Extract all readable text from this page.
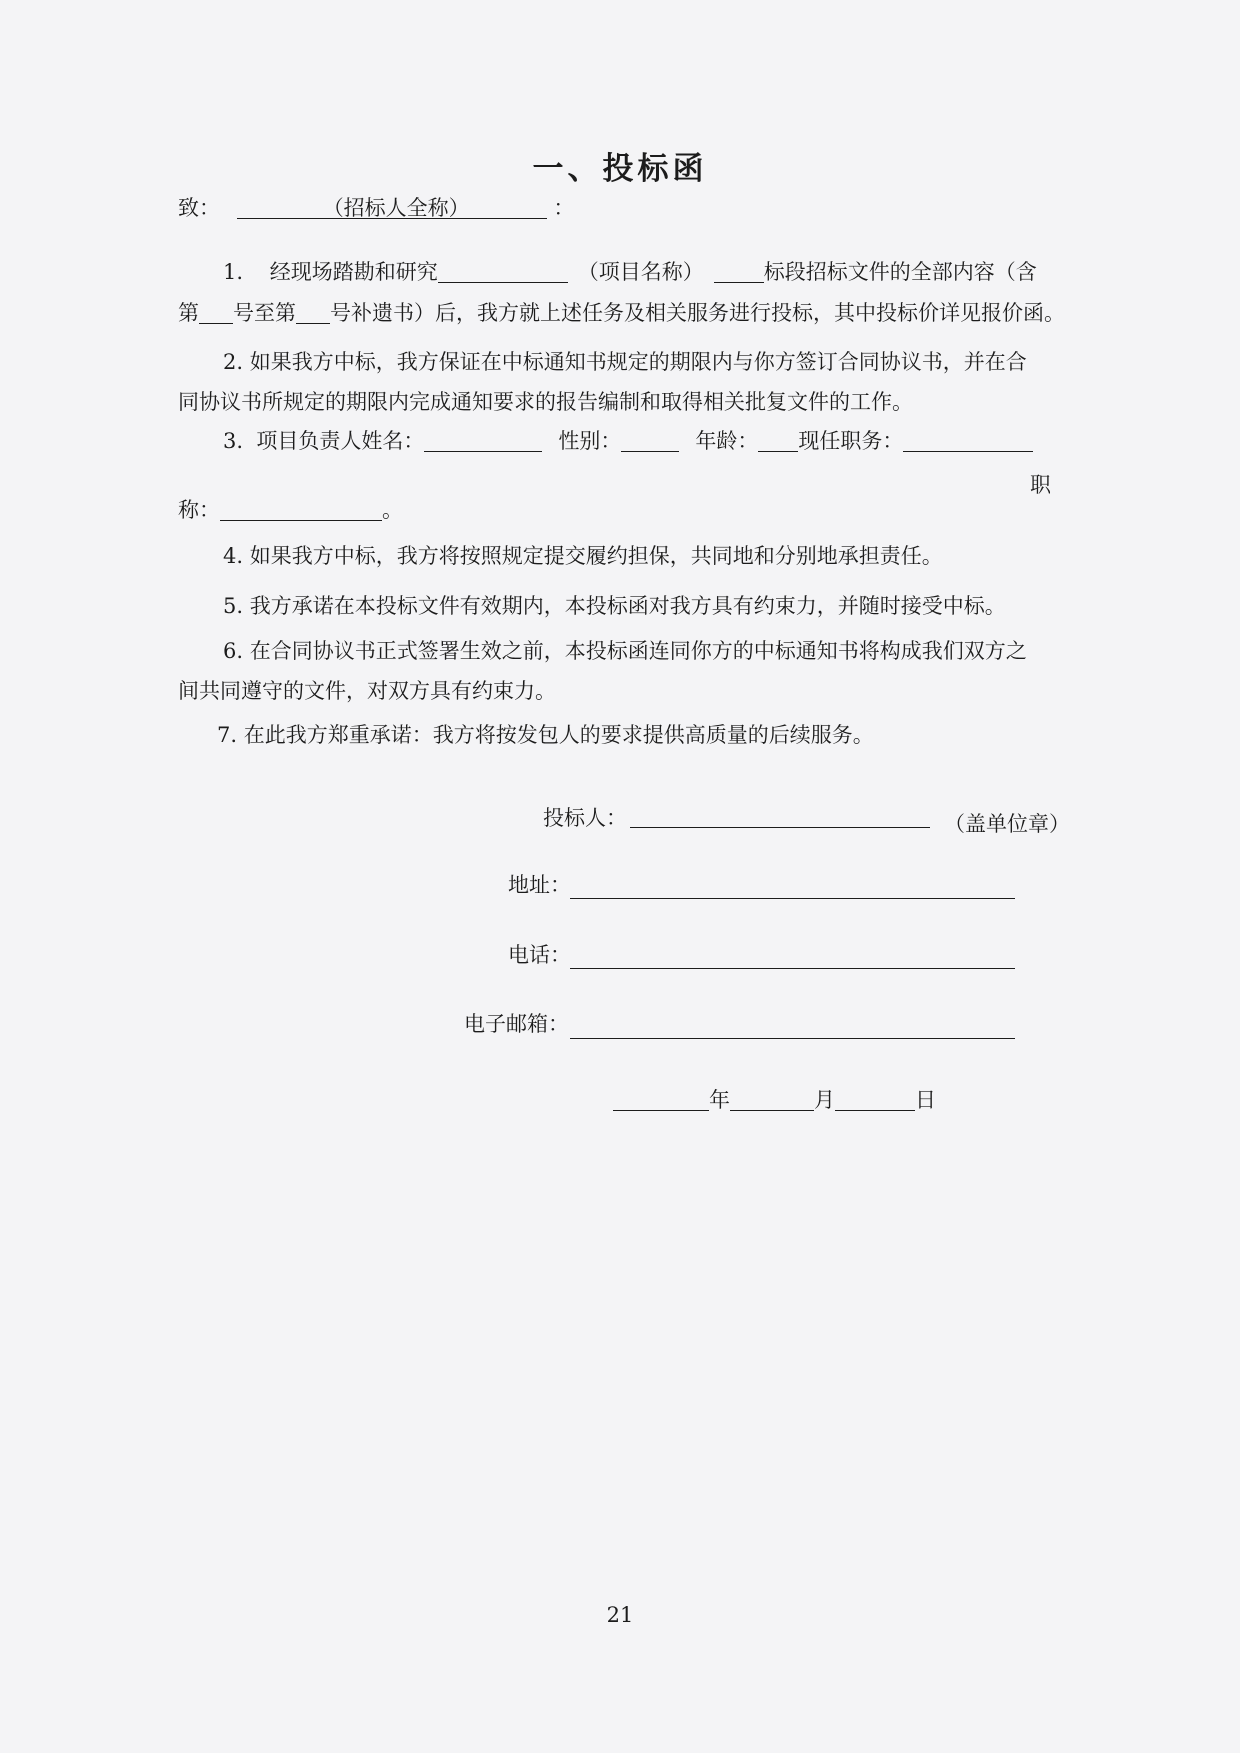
一、投标函
致：	（招标人全称）	：
1. 经现场踏勘和研究	（项目名称）	标段招标文件的全部内容（含
第 号至第 号补遗书）后，我方就上述任务及相关服务进行投标，其中投标价详见报价函。
2. 如果我方中标，我方保证在中标通知书规定的期限内与你方签订合同协议书，并在合
同协议书所规定的期限内完成通知要求的报告编制和取得相关批复文件的工作。
3. 项目负责人姓名：	性别：	年龄： 现任职务：
职
称：	。
4. 如果我方中标，我方将按照规定提交履约担保，共同地和分别地承担责任。
5. 我方承诺在本投标文件有效期内，本投标函对我方具有约束力，并随时接受中标。
6. 在合同协议书正式签署生效之前，本投标函连同你方的中标通知书将构成我们双方之
间共同遵守的文件，对双方具有约束力。
7. 在此我方郑重承诺：我方将按发包人的要求提供高质量的后续服务。
投标人：	（盖单位章）
地址：
电话：
电子邮箱：
年	月	日
21
